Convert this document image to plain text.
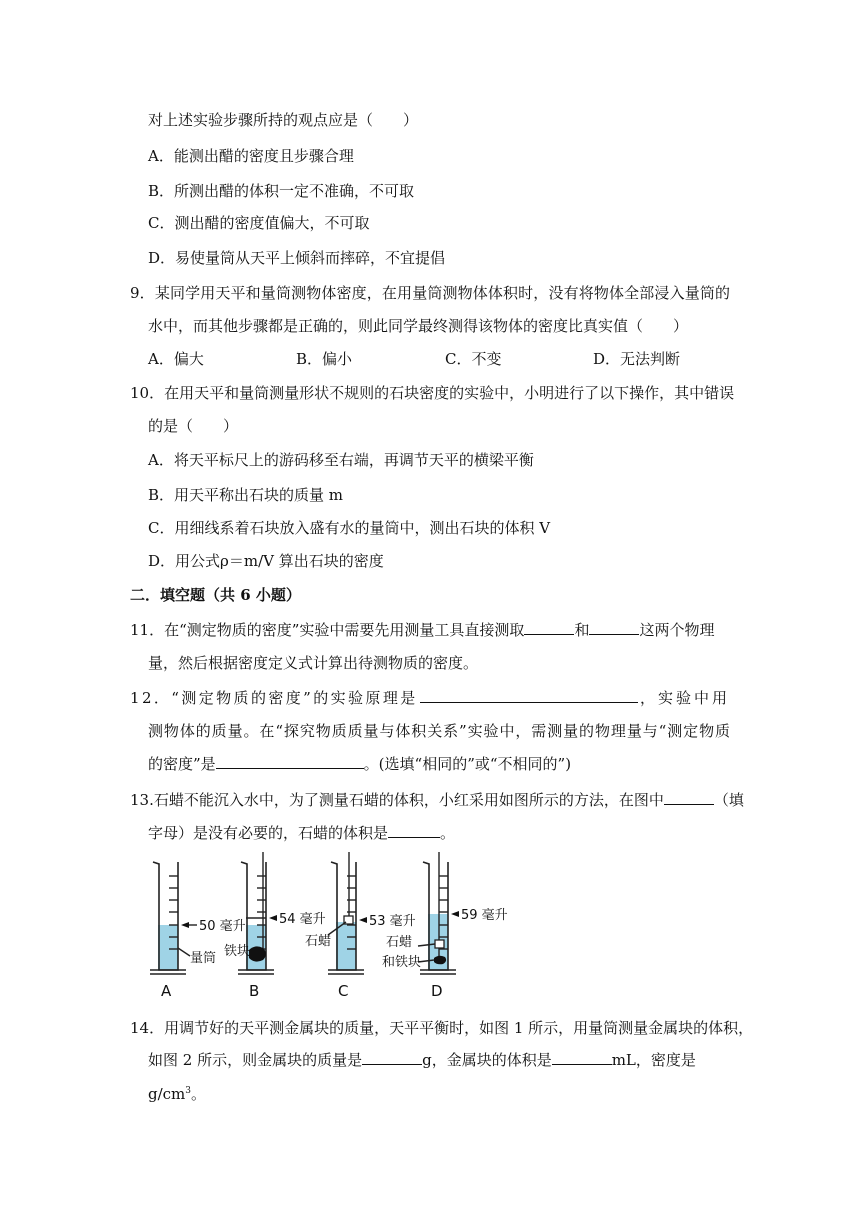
对上述实验步骤所持的观点应是（　　）
A．能测出醋的密度且步骤合理
B．所测出醋的体积一定不准确，不可取
C．测出醋的密度值偏大，不可取
D．易使量筒从天平上倾斜而摔碎，不宜提倡
9．某同学用天平和量筒测物体密度，在用量筒测物体体积时，没有将物体全部浸入量筒的
水中，而其他步骤都是正确的，则此同学最终测得该物体的密度比真实值（　　）
A．偏大	B．偏小	C．不变	D．无法判断
10．在用天平和量筒测量形状不规则的石块密度的实验中，小明进行了以下操作，其中错误
的是（　　）
A．将天平标尺上的游码移至右端，再调节天平的横梁平衡
B．用天平称出石块的质量 m
C．用细线系着石块放入盛有水的量筒中，测出石块的体积 V
D．用公式ρ＝m/V 算出石块的密度
二．填空题（共 6 小题）
11．在“测定物质的密度”实验中需要先用测量工具直接测取	和	这两个物理
量，然后根据密度定义式计算出待测物质的密度。
12．“测定物质的密度”的实验原理是	，实验中用
测物体的质量。在“探究物质质量与体积关系”实验中，需测量的物理量与“测定物质
的密度”是	。(选填“相同的”或“不相同的”)
13.石蜡不能沉入水中，为了测量石蜡的体积，小红采用如图所示的方法，在图中	（填
字母）是没有必要的，石蜡的体积是	。
50 毫升
量筒
A
54 毫升
铁块
B
53 毫升
石蜡
C
59 毫升
石蜡
和铁块
D
14．用调节好的天平测金属块的质量，天平平衡时，如图 1 所示，用量筒测量金属块的体积，
如图 2 所示，则金属块的质量是	g，金属块的体积是	mL，密度是
$g/cm^3$。
